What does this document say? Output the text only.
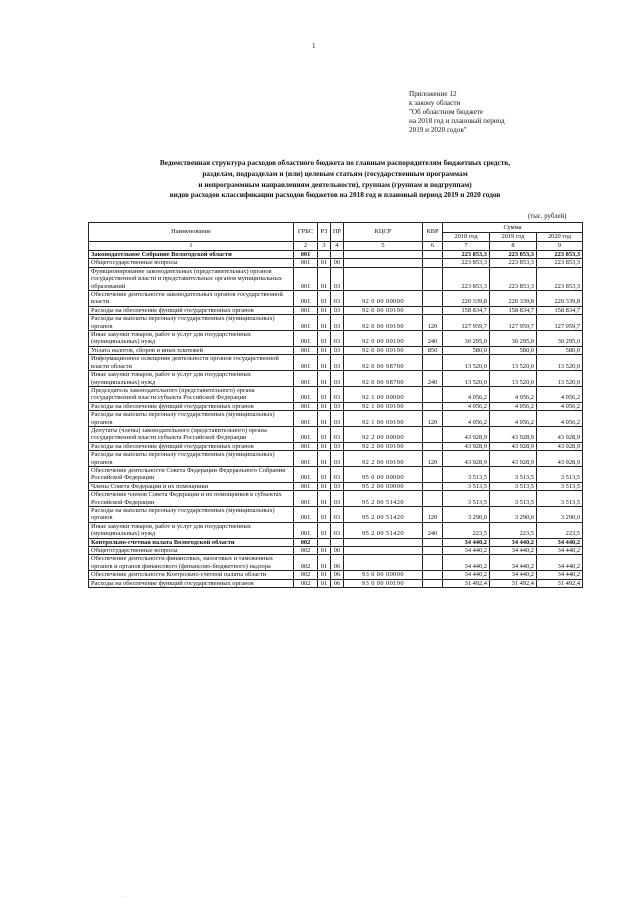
1
Приложение 12
к закону области
"Об областном бюджете
на 2018 год и плановый период
2019 и 2020 годов"
Ведомственная структура расходов областного бюджета по главным распорядителям бюджетных средств,
разделам, подразделам и (или) целевым статьям (государственным программам
и непрограммным направлениям деятельности), группам (группам и подгруппам)
видов расходов классификации расходов бюджетов на 2018 год и плановый период 2019 и 2020 годов
(тыс. рублей)
Наименование	ГРБС	РЗ	ПР	КЦСР	КВР	Сумма		
						2018 год	2019 год	2020 год
1	2	3	4	5	6	7	8	9
Законодательное Собрание Вологодской области	001					223 853,3	223 853,3	223 853,3
Общегосударственные вопросы	001	01	00			223 853,3	223 853,3	223 853,3
Функционирование законодательных (представительных) органов государственной власти и представительных органов муниципальных образований	001	01	03			223 853,3	223 853,3	223 853,3
Обеспечение деятельности законодательных органов государственной власти	001	01	03	92 0 00 00000		220 339,8	220 339,8	220 339,8
Расходы на обеспечение функций государственных органов	001	01	03	92 0 00 00190		158 834,7	158 834,7	158 834,7
Расходы на выплаты персоналу государственных (муниципальных) органов	001	01	03	92 0 00 00190	120	127 959,7	127 959,7	127 959,7
Иные закупки товаров, работ и услуг для государственных (муниципальных) нужд	001	01	03	92 0 00 00190	240	30 295,0	30 295,0	30 295,0
Уплата налогов, сборов и иных платежей	001	01	03	92 0 00 00190	850	580,0	580,0	580,0
Информационное освещение деятельности органов государственной власти области	001	01	03	92 0 00 98700		13 520,0	13 520,0	13 520,0
Иные закупки товаров, работ и услуг для государственных (муниципальных) нужд	001	01	03	92 0 00 98700	240	13 520,0	13 520,0	13 520,0
Председатель законодательного (представительного) органа государственной власти субъекта Российской Федерации	001	01	03	92 1 00 00000		4 056,2	4 056,2	4 056,2
Расходы на обеспечение функций государственных органов	001	01	03	92 1 00 00190		4 056,2	4 056,2	4 056,2
Расходы на выплаты персоналу государственных (муниципальных) органов	001	01	03	92 1 00 00190	120	4 056,2	4 056,2	4 056,2
Депутаты (члены) законодательного (представительного) органа государственной власти субъекта Российской Федерации	001	01	03	92 2 00 00000		43 928,9	43 928,9	43 928,9
Расходы на обеспечение функций государственных органов	001	01	03	92 2 00 00190		43 928,9	43 928,9	43 928,9
Расходы на выплаты персоналу государственных (муниципальных) органов	001	01	03	92 2 00 00190	120	43 928,9	43 928,9	43 928,9
Обеспечение деятельности Совета Федерации Федерального Собрания Российской Федерации	001	01	03	95 0 00 00000		3 513,5	3 513,5	3 513,5
Члены Совета Федерации и их помощники	001	01	03	95 2 00 00000		3 513,5	3 513,5	3 513,5
Обеспечение членов Совета Федерации и их помощников в субъектах Российской Федерации	001	01	03	95 2 00 51420		3 513,5	3 513,5	3 513,5
Расходы на выплаты персоналу государственных (муниципальных) органов	001	01	03	95 2 00 51420	120	3 290,0	3 290,0	3 290,0
Иные закупки товаров, работ и услуг для государственных (муниципальных) нужд	001	01	03	95 2 00 51420	240	223,5	223,5	223,5
Контрольно-счетная палата Вологодской области	002					34 440,2	34 440,2	34 440,2
Общегосударственные вопросы	002	01	00			34 440,2	34 440,2	34 440,2
Обеспечение деятельности финансовых, налоговых и таможенных органов и органов финансового (финансово-бюджетного) надзора	002	01	06			34 440,2	34 440,2	34 440,2
Обеспечение деятельности Контрольно-счетной палаты области	002	01	06	93 0 00 00000		34 440,2	34 440,2	34 440,2
Расходы на обеспечение функций государственных органов	002	01	06	93 0 00 00190		31 492,4	31 492,4	31 492,4
· · ·
